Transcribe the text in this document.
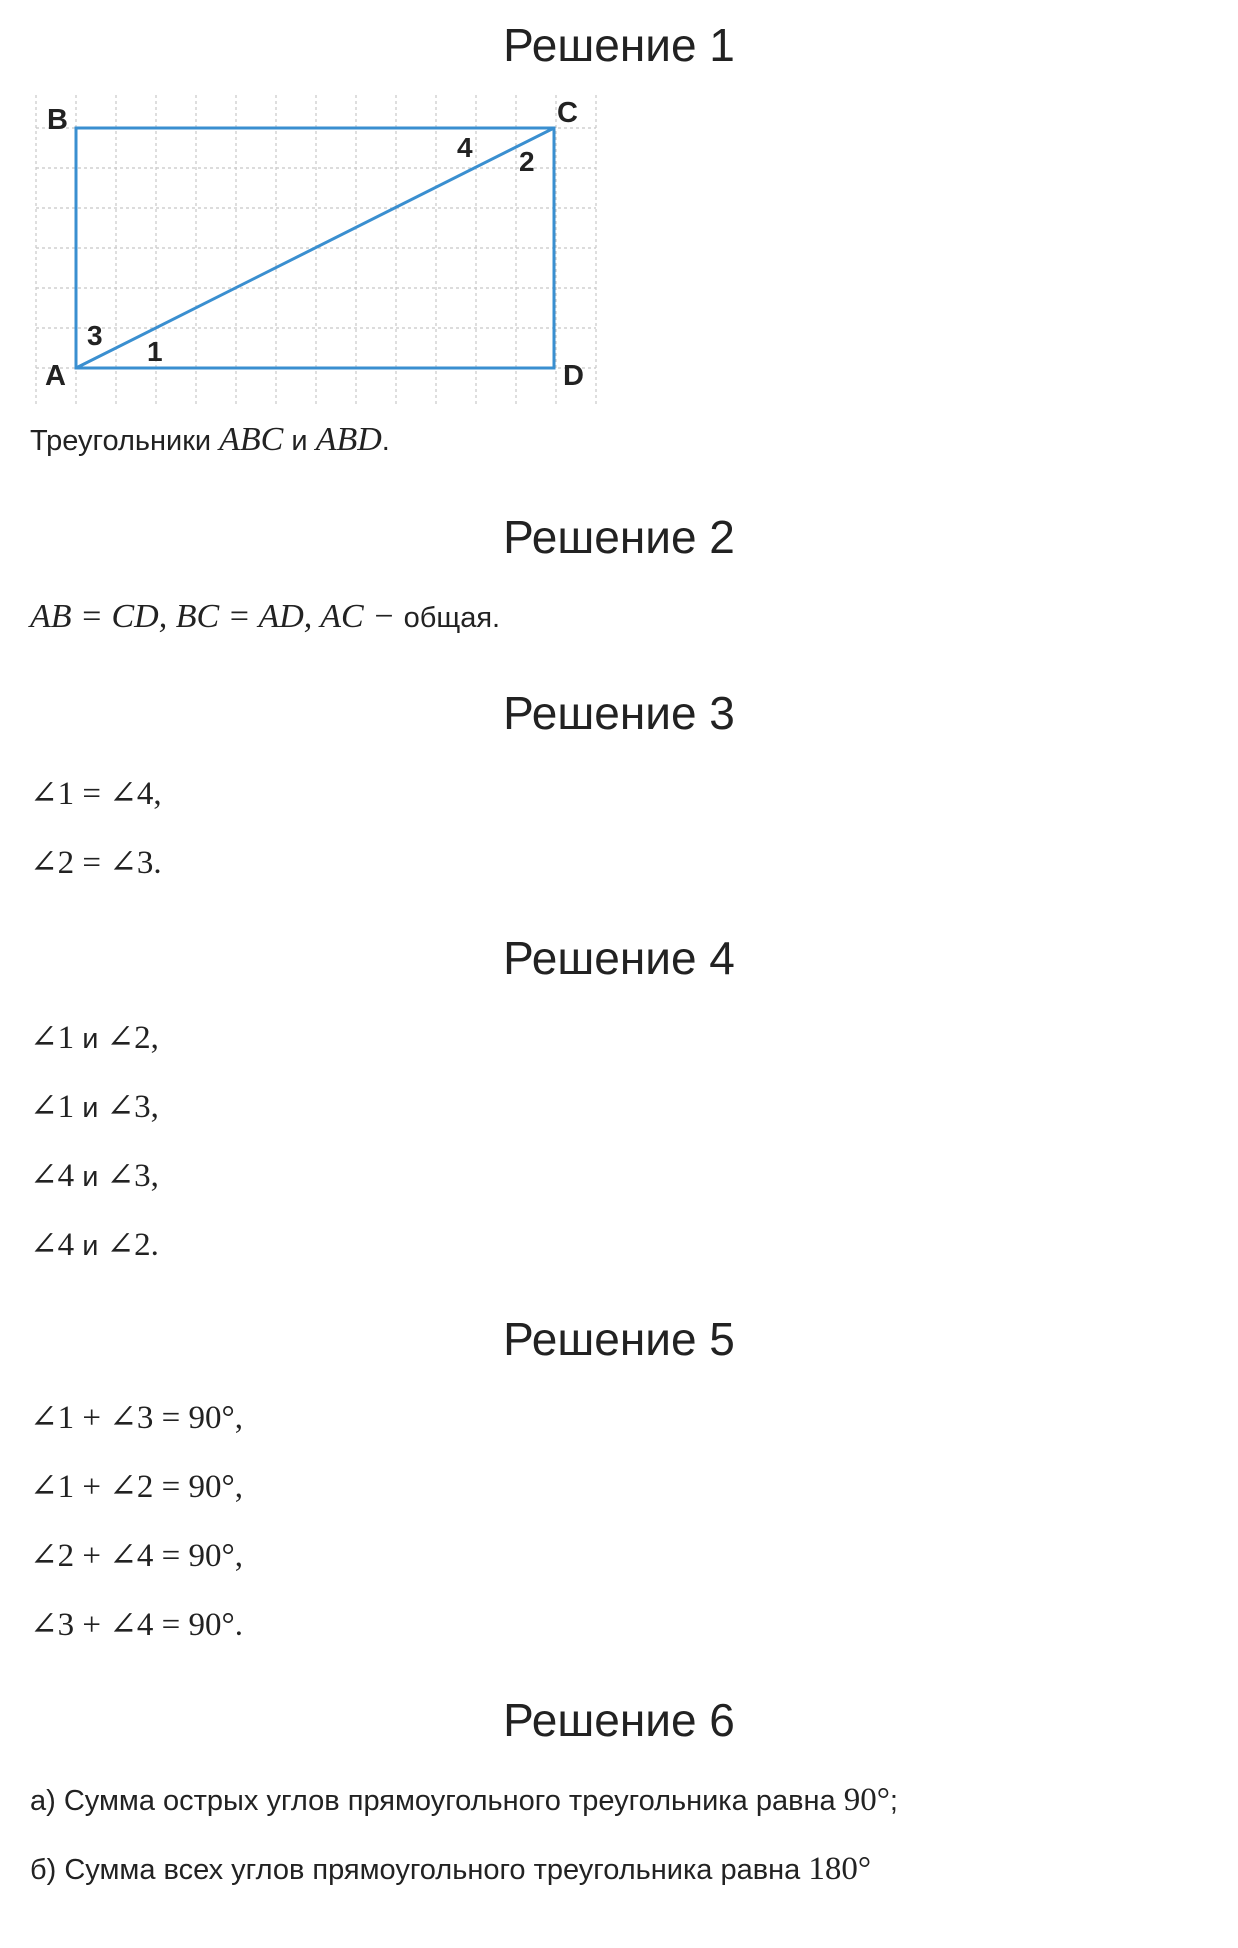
Решение 1
B	C
A	D
1
2
3
4
Треугольники ABC и ABD.
Решение 2
AB = CD, BC = AD, AC − общая.
Решение 3
∠1 = ∠4,
∠2 = ∠3.
Решение 4
∠1 и ∠2,
∠1 и ∠3,
∠4 и ∠3,
∠4 и ∠2.
Решение 5
∠1 + ∠3 = 90°,
∠1 + ∠2 = 90°,
∠2 + ∠4 = 90°,
∠3 + ∠4 = 90°.
Решение 6
а) Сумма острых углов прямоугольного треугольника равна 90°;
б) Сумма всех углов прямоугольного треугольника равна 180°
